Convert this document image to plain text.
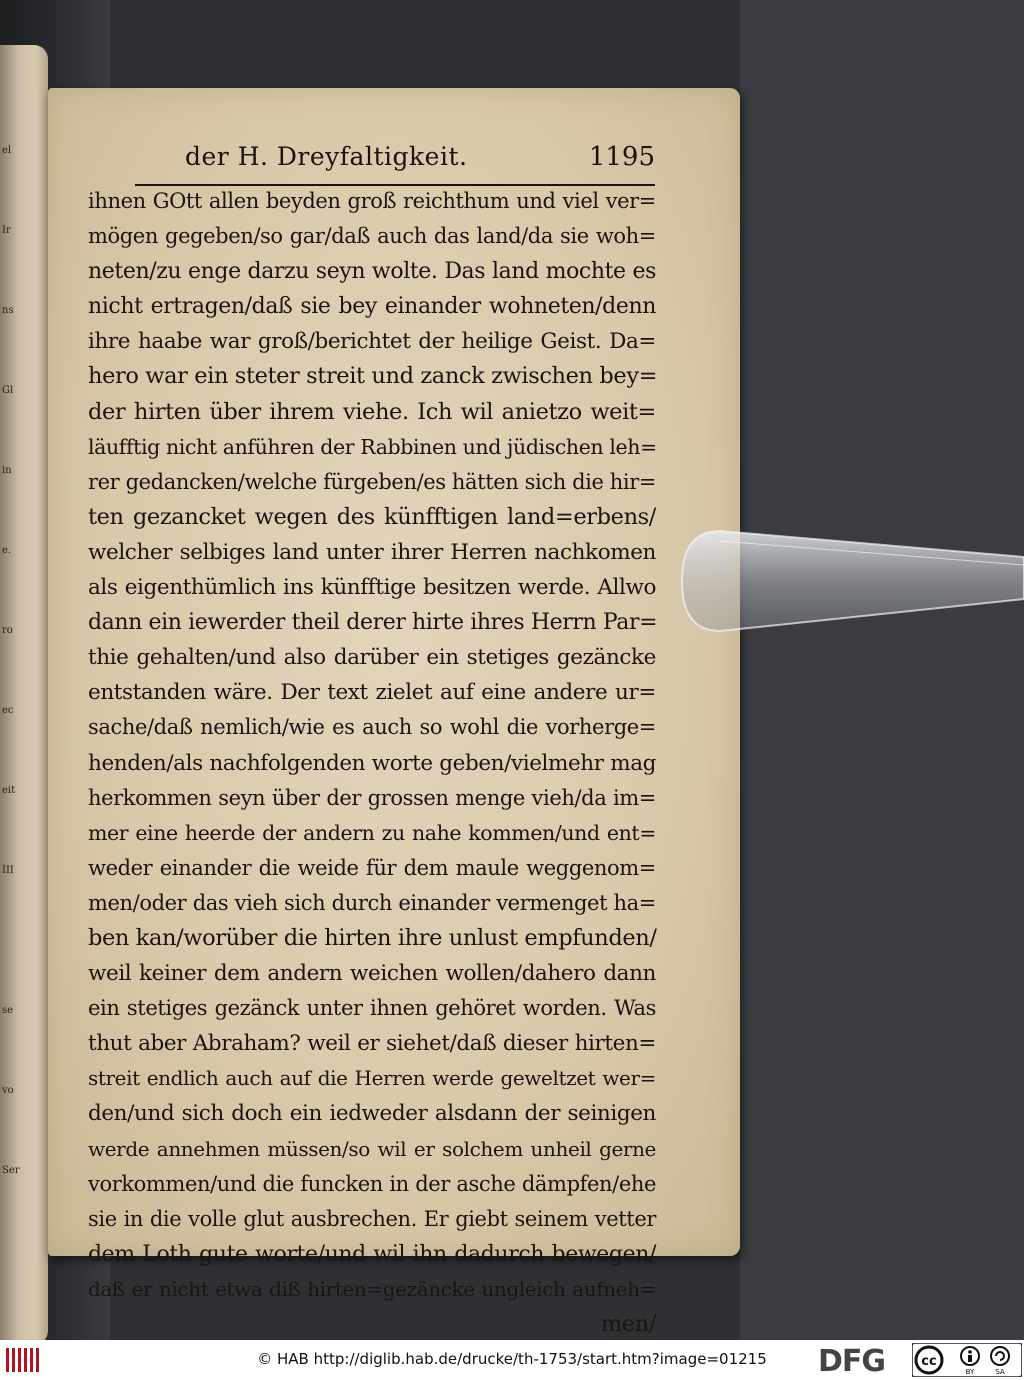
el
Ir
ns
Gl
in
e.
ro
ec
eit
III
se
vo
Ser
der H. Dreyfaltigkeit.	1195
ihnen GOtt allen beyden groß reichthum und viel ver=
mögen gegeben/so gar/daß auch das land/da sie woh=
neten/zu enge darzu seyn wolte. Das land mochte es
nicht ertragen/daß sie bey einander wohneten/denn
ihre haabe war groß/berichtet der heilige Geist. Da=
hero war ein steter streit und zanck zwischen bey=
der hirten über ihrem viehe. Ich wil anietzo weit=
läufftig nicht anführen der Rabbinen und jüdischen leh=
rer gedancken/welche fürgeben/es hätten sich die hir=
ten gezancket wegen des künfftigen land=erbens/
welcher selbiges land unter ihrer Herren nachkomen
als eigenthümlich ins künfftige besitzen werde. Allwo
dann ein iewerder theil derer hirte ihres Herrn Par=
thie gehalten/und also darüber ein stetiges gezäncke
entstanden wäre. Der text zielet auf eine andere ur=
sache/daß nemlich/wie es auch so wohl die vorherge=
henden/als nachfolgenden worte geben/vielmehr mag
herkommen seyn über der grossen menge vieh/da im=
mer eine heerde der andern zu nahe kommen/und ent=
weder einander die weide für dem maule weggenom=
men/oder das vieh sich durch einander vermenget ha=
ben kan/worüber die hirten ihre unlust empfunden/
weil keiner dem andern weichen wollen/dahero dann
ein stetiges gezänck unter ihnen gehöret worden. Was
thut aber Abraham? weil er siehet/daß dieser hirten=
streit endlich auch auf die Herren werde geweltzet wer=
den/und sich doch ein iedweder alsdann der seinigen
werde annehmen müssen/so wil er solchem unheil gerne
vorkommen/und die funcken in der asche dämpfen/ehe
sie in die volle glut ausbrechen. Er giebt seinem vetter
dem Loth gute worte/und wil ihn dadurch bewegen/
daß er nicht etwa diß hirten=gezäncke ungleich aufneh=
men/
© HAB http://diglib.hab.de/drucke/th-1753/start.htm?image=01215	DFG	cc
BY	SA
